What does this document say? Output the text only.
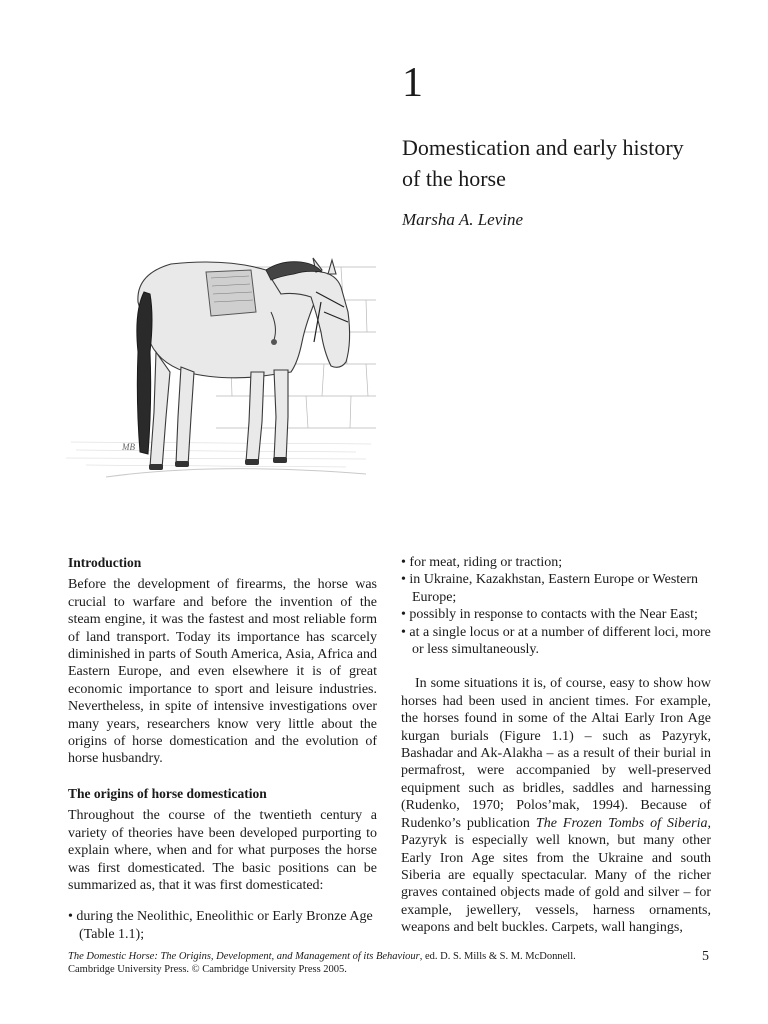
1
Domestication and early history of the horse
Marsha A. Levine
MB
Introduction

Before the development of firearms, the horse was crucial to warfare and before the invention of the steam engine, it was the fastest and most reliable form of land transport. Today its importance has scarcely diminished in parts of South America, Asia, Africa and Eastern Europe, and even elsewhere it is of great economic importance to sport and leisure industries. Nevertheless, in spite of intensive investigations over many years, researchers know very little about the origins of horse domestication and the evolution of horse husbandry.

The origins of horse domestication

Throughout the course of the twentieth century a variety of theories have been developed purporting to explain where, when and for what purposes the horse was first domesticated. The basic positions can be summarized as, that it was first domesticated:

• during the Neolithic, Eneolithic or Early Bronze Age (Table 1.1);
• for meat, riding or traction;
• in Ukraine, Kazakhstan, Eastern Europe or Western Europe;
• possibly in response to contacts with the Near East;
• at a single locus or at a number of different loci, more or less simultaneously.

In some situations it is, of course, easy to show how horses had been used in ancient times. For example, the horses found in some of the Altai Early Iron Age kurgan burials (Figure 1.1) – such as Pazyryk, Bashadar and Ak-Alakha – as a result of their burial in permafrost, were accompanied by well-preserved equipment such as bridles, saddles and harnessing (Rudenko, 1970; Polos’mak, 1994). Because of Rudenko’s publication The Frozen Tombs of Siberia, Pazyryk is especially well known, but many other Early Iron Age sites from the Ukraine and south Siberia are equally spectacular. Many of the richer graves contained objects made of gold and silver – for example, jewellery, vessels, harness ornaments, weapons and belt buckles. Carpets, wall hangings,

The Domestic Horse: The Origins, Development, and Management of its Behaviour, ed. D. S. Mills & S. M. McDonnell.
Cambridge University Press. © Cambridge University Press 2005.
5
